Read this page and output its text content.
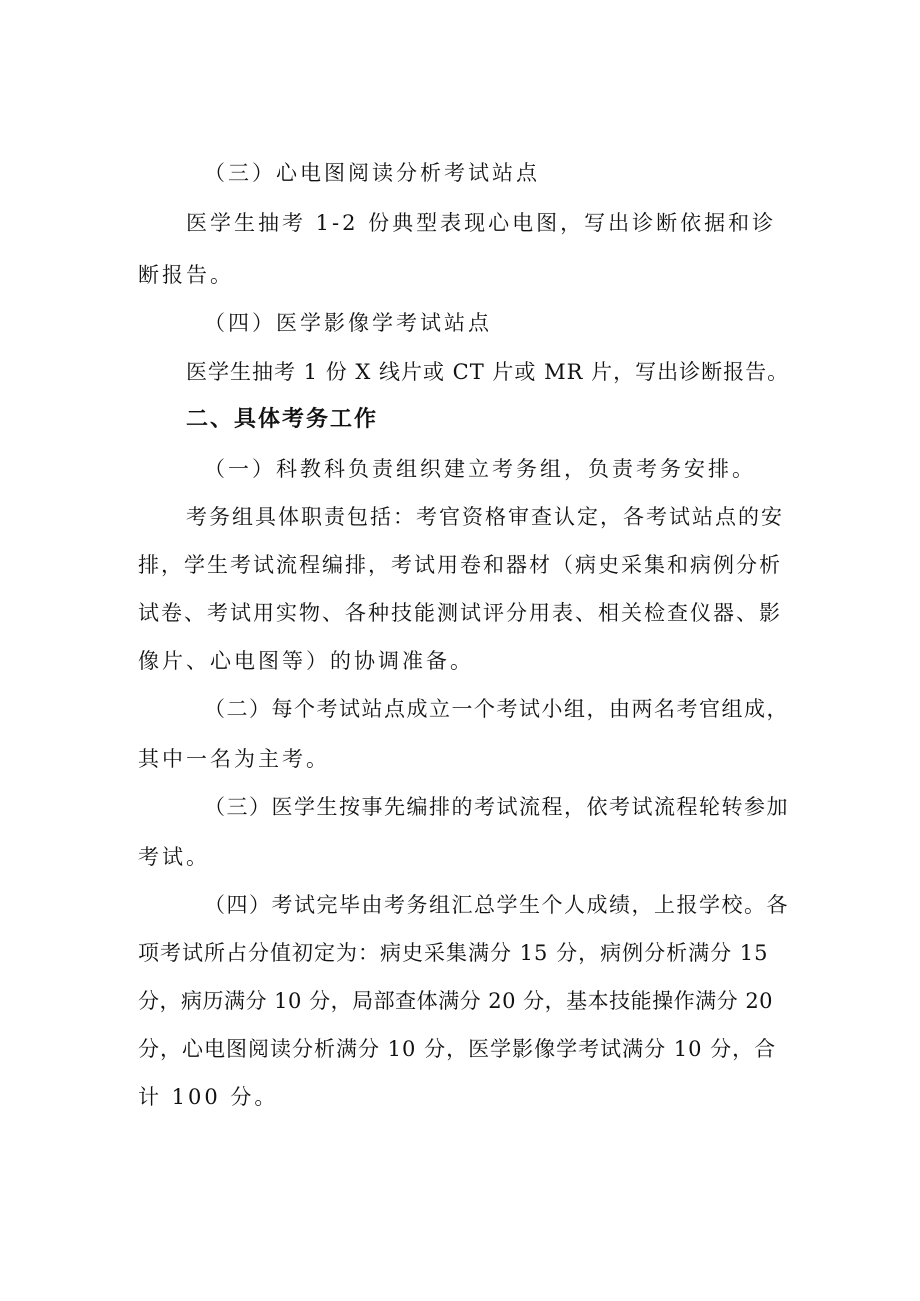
（三）心电图阅读分析考试站点
医学生抽考 1-2 份典型表现心电图，写出诊断依据和诊
断报告。
（四）医学影像学考试站点
医学生抽考 1 份 X 线片或 CT 片或 MR 片，写出诊断报告。
二、具体考务工作
（一）科教科负责组织建立考务组，负责考务安排。
考务组具体职责包括：考官资格审查认定，各考试站点的安
排，学生考试流程编排，考试用卷和器材（病史采集和病例分析
试卷、考试用实物、各种技能测试评分用表、相关检查仪器、影
像片、心电图等）的协调准备。
（二）每个考试站点成立一个考试小组，由两名考官组成，
其中一名为主考。
（三）医学生按事先编排的考试流程，依考试流程轮转参加
考试。
（四）考试完毕由考务组汇总学生个人成绩，上报学校。各
项考试所占分值初定为：病史采集满分 15 分，病例分析满分 15
分，病历满分 10 分，局部查体满分 20 分，基本技能操作满分 20
分，心电图阅读分析满分 10 分，医学影像学考试满分 10 分，合
计 100 分。
